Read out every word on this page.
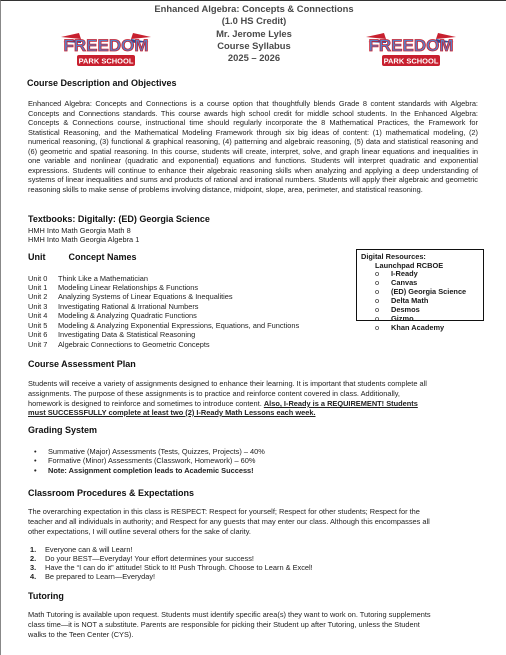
FREEDOM
PARK SCHOOL
FREEDOM
PARK SCHOOL
Enhanced Algebra: Concepts & Connections
(1.0 HS Credit)
Mr. Jerome Lyles
Course Syllabus
2025 – 2026
Course Description and Objectives
Enhanced Algebra: Concepts and Connections is a course option that thoughtfully blends Grade 8 content standards with Algebra: Concepts and Connections standards. This course awards high school credit for middle school students. In the Enhanced Algebra: Concepts & Connections course, instructional time should regularly incorporate the 8 Mathematical Practices, the Framework for Statistical Reasoning, and the Mathematical Modeling Framework through six big ideas of content: (1) mathematical modeling, (2) numerical reasoning, (3) functional & graphical reasoning, (4) patterning and algebraic reasoning, (5) data and statistical reasoning and (6) geometric and spatial reasoning. In this course, students will create, interpret, solve, and graph linear equations and inequalities in one variable and nonlinear (quadratic and exponential) equations and functions. Students will interpret quadratic and exponential expressions. Students will continue to enhance their algebraic reasoning skills when analyzing and applying a deep understanding of systems of linear inequalities and sums and products of rational and irrational numbers. Students will apply their algebraic and geometric reasoning skills to make sense of problems involving distance, midpoint, slope, area, perimeter, and statistical reasoning.
Textbooks: Digitally: (ED) Georgia Science
HMH Into Math Georgia Math 8
HMH Into Math Georgia Algebra 1
Unit	Concept Names
Unit 0 Think Like a Mathematician
Unit 1 Modeling Linear Relationships & Functions
Unit 2 Analyzing Systems of Linear Equations & Inequalities
Unit 3 Investigating Rational & Irrational Numbers
Unit 4 Modeling & Analyzing Quadratic Functions
Unit 5 Modeling & Analyzing Exponential Expressions, Equations, and Functions
Unit 6 Investigating Data & Statistical Reasoning
Unit 7 Algebraic Connections to Geometric Concepts
Digital Resources:
Launchpad RCBOE
o I-Ready
o Canvas
o (ED) Georgia Science
o Delta Math
o Desmos
o Gizmo
o Khan Academy
Course Assessment Plan
Students will receive a variety of assignments designed to enhance their learning. It is important that students complete all
assignments. The purpose of these assignments is to practice and reinforce content covered in class. Additionally,
homework is designed to reinforce and sometimes to introduce content. Also, I-Ready is a REQUIREMENT! Students
must SUCCESSFULLY complete at least two (2) I-Ready Math Lessons each week.
Grading System
• Summative (Major) Assessments (Tests, Quizzes, Projects) – 40%
• Formative (Minor) Assessments (Classwork, Homework) – 60%
• Note: Assignment completion leads to Academic Success!
Classroom Procedures & Expectations
The overarching expectation in this class is RESPECT: Respect for yourself; Respect for other students; Respect for the
teacher and all individuals in authority; and Respect for any guests that may enter our class. Although this encompasses all
other expectations, I will outline several others for the sake of clarity.
1. Everyone can & will Learn!
2. Do your BEST—Everyday! Your effort determines your success!
3. Have the “I can do it” attitude! Stick to It! Push Through. Choose to Learn & Excel!
4. Be prepared to Learn—Everyday!
Tutoring
Math Tutoring is available upon request. Students must identify specific area(s) they want to work on. Tutoring supplements
class time—it is NOT a substitute. Parents are responsible for picking their Student up after Tutoring, unless the Student
walks to the Teen Center (CYS).
